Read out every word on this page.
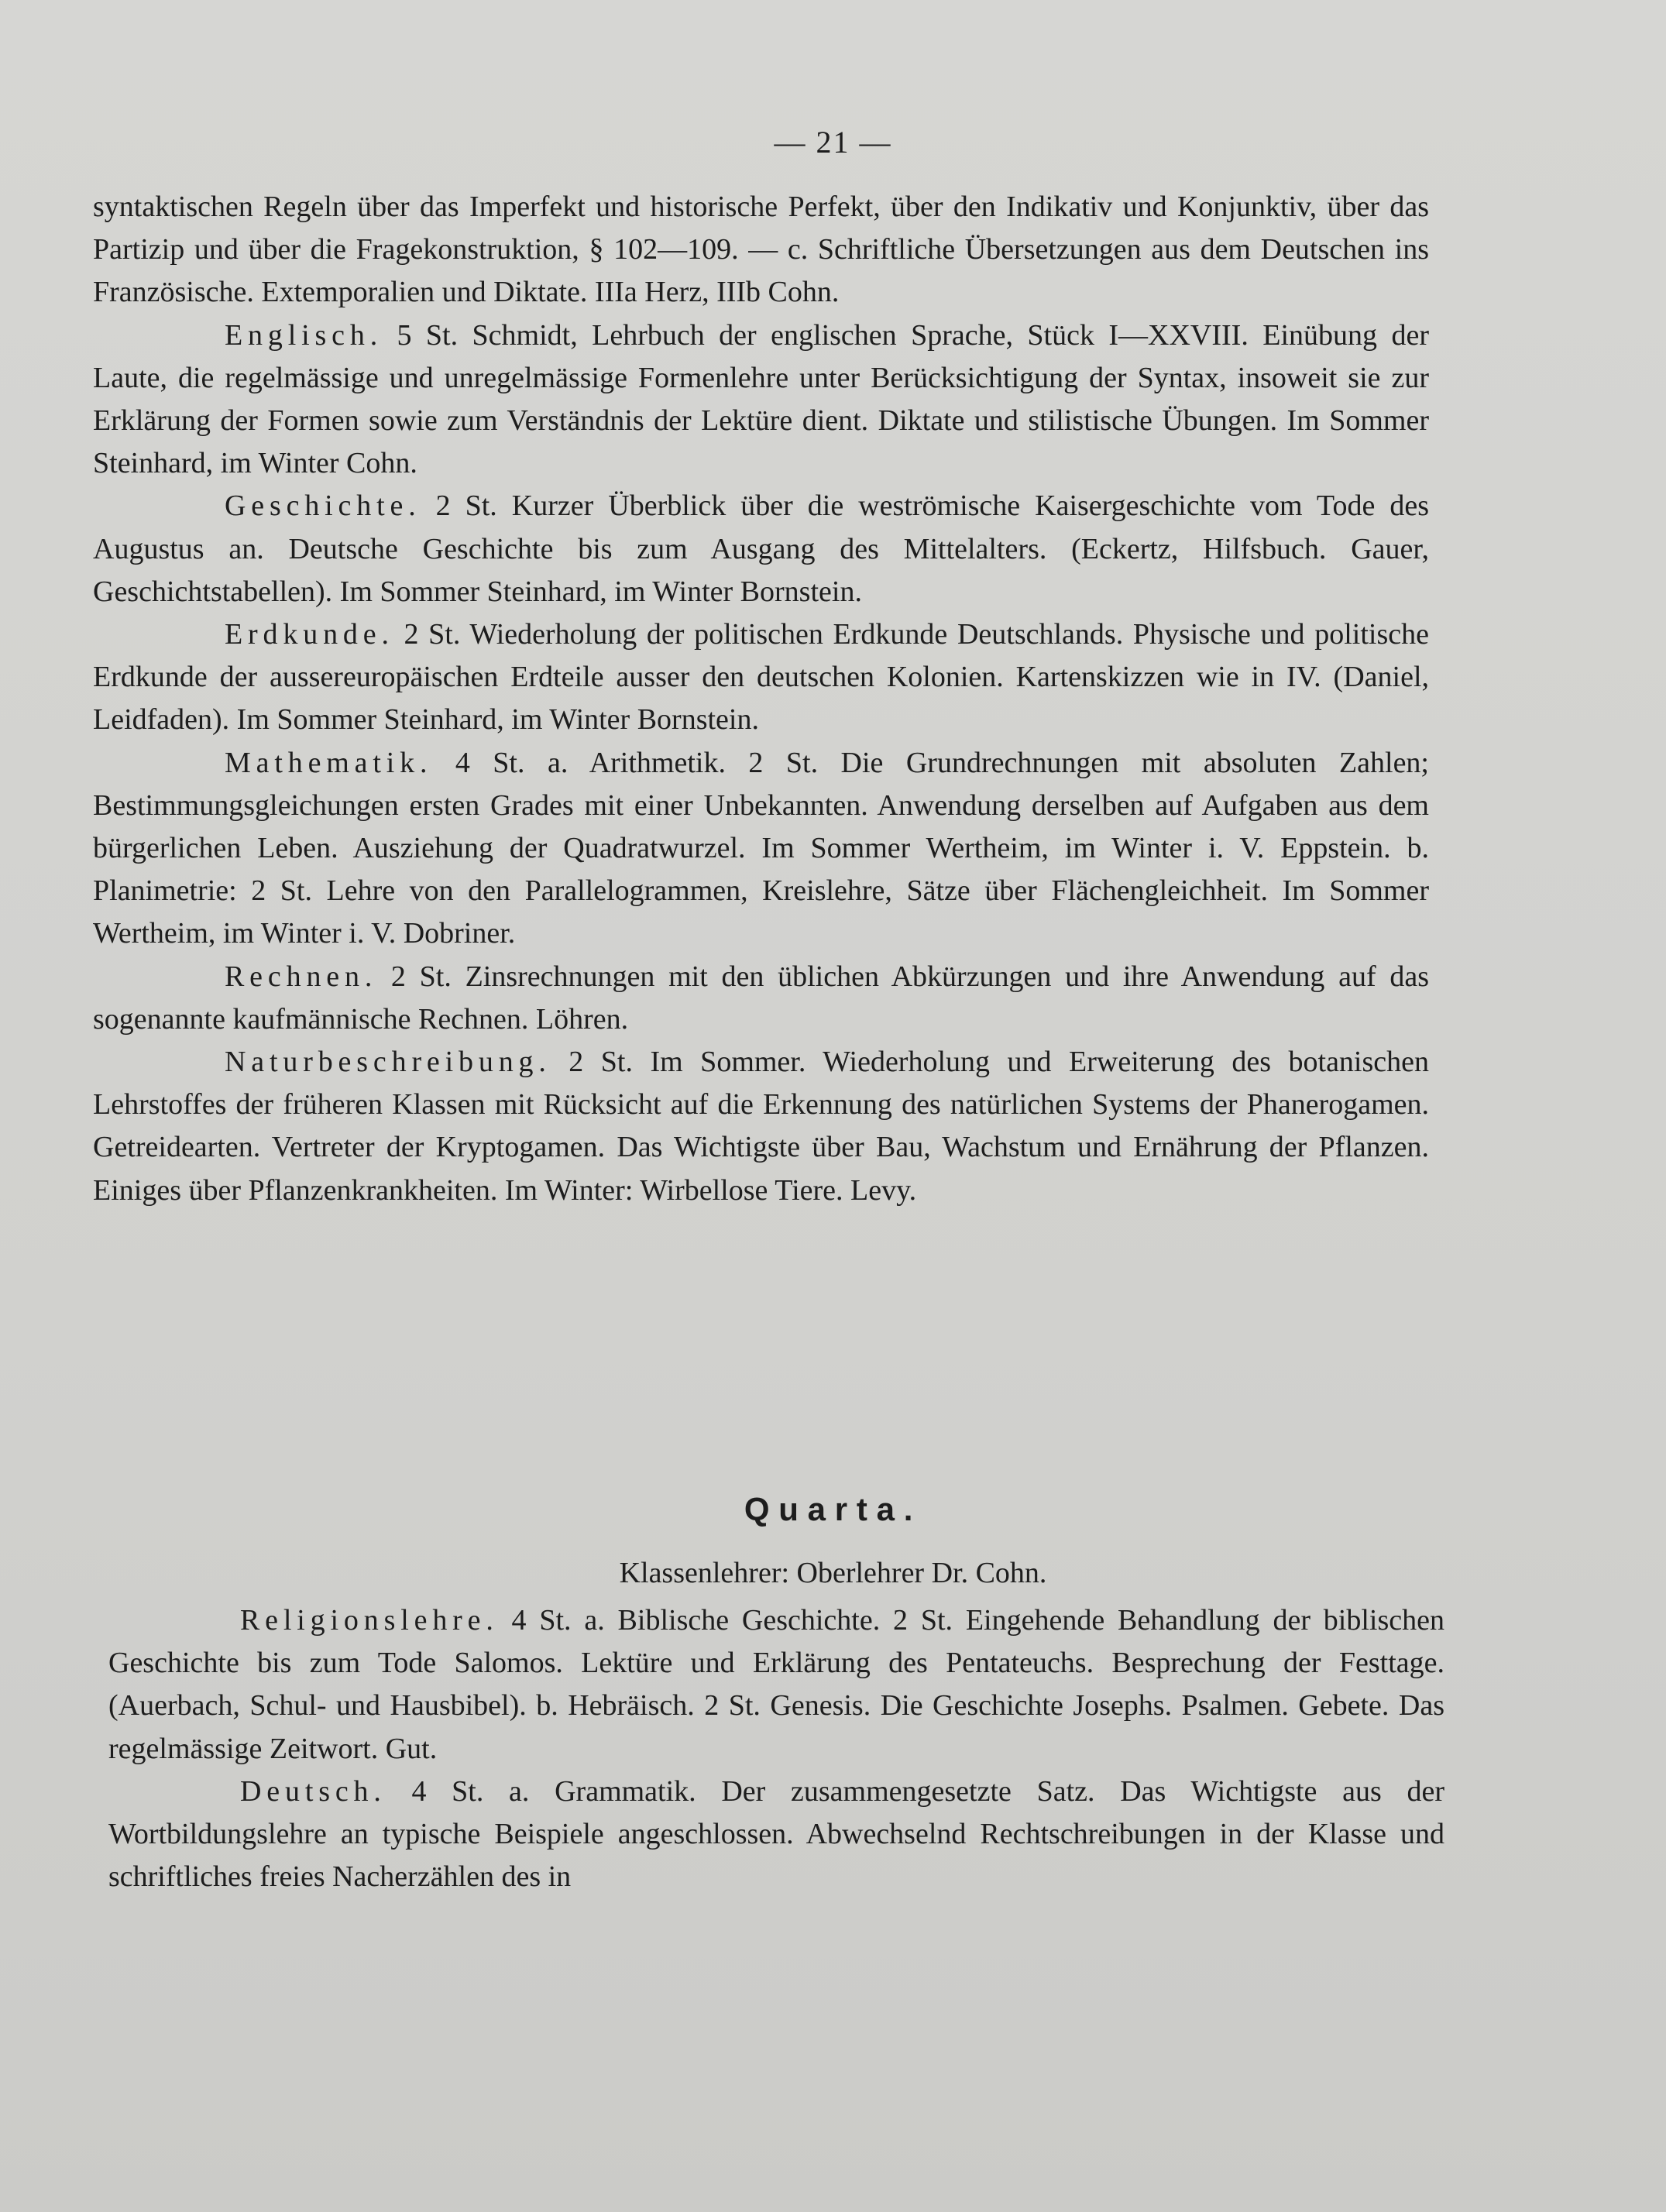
— 21 —

syntaktischen Regeln über das Imperfekt und historische Perfekt, über den Indikativ und Konjunktiv, über das Partizip und über die Fragekonstruktion, § 102—109. — c. Schriftliche Übersetzungen aus dem Deutschen ins Französische. Extemporalien und Diktate. IIIa Herz, IIIb Cohn.

Englisch. 5 St. Schmidt, Lehrbuch der englischen Sprache, Stück I—XXVIII. Einübung der Laute, die regelmässige und unregelmässige Formenlehre unter Berücksichtigung der Syntax, insoweit sie zur Erklärung der Formen sowie zum Verständnis der Lektüre dient. Diktate und stilistische Übungen. Im Sommer Steinhard, im Winter Cohn.

Geschichte. 2 St. Kurzer Überblick über die weströmische Kaisergeschichte vom Tode des Augustus an. Deutsche Geschichte bis zum Ausgang des Mittelalters. (Eckertz, Hilfsbuch. Gauer, Geschichtstabellen). Im Sommer Steinhard, im Winter Bornstein.

Erdkunde. 2 St. Wiederholung der politischen Erdkunde Deutschlands. Physische und politische Erdkunde der aussereuropäischen Erdteile ausser den deutschen Kolonien. Kartenskizzen wie in IV. (Daniel, Leidfaden). Im Sommer Steinhard, im Winter Bornstein.

Mathematik. 4 St. a. Arithmetik. 2 St. Die Grundrechnungen mit absoluten Zahlen; Bestimmungsgleichungen ersten Grades mit einer Unbekannten. Anwendung derselben auf Aufgaben aus dem bürgerlichen Leben. Ausziehung der Quadratwurzel. Im Sommer Wertheim, im Winter i. V. Eppstein. b. Planimetrie: 2 St. Lehre von den Parallelogrammen, Kreislehre, Sätze über Flächengleichheit. Im Sommer Wertheim, im Winter i. V. Dobriner.

Rechnen. 2 St. Zinsrechnungen mit den üblichen Abkürzungen und ihre Anwendung auf das sogenannte kaufmännische Rechnen. Löhren.

Naturbeschreibung. 2 St. Im Sommer. Wiederholung und Erweiterung des botanischen Lehrstoffes der früheren Klassen mit Rücksicht auf die Erkennung des natürlichen Systems der Phanerogamen. Getreidearten. Vertreter der Kryptogamen. Das Wichtigste über Bau, Wachstum und Ernährung der Pflanzen. Einiges über Pflanzenkrankheiten. Im Winter: Wirbellose Tiere. Levy.

Quarta.

Klassenlehrer: Oberlehrer Dr. Cohn.

Religionslehre. 4 St. a. Biblische Geschichte. 2 St. Eingehende Behandlung der biblischen Geschichte bis zum Tode Salomos. Lektüre und Erklärung des Pentateuchs. Besprechung der Festtage. (Auerbach, Schul- und Hausbibel). b. Hebräisch. 2 St. Genesis. Die Geschichte Josephs. Psalmen. Gebete. Das regelmässige Zeitwort. Gut.

Deutsch. 4 St. a. Grammatik. Der zusammengesetzte Satz. Das Wichtigste aus der Wortbildungslehre an typische Beispiele angeschlossen. Abwechselnd Rechtschreibungen in der Klasse und schriftliches freies Nacherzählen des in
